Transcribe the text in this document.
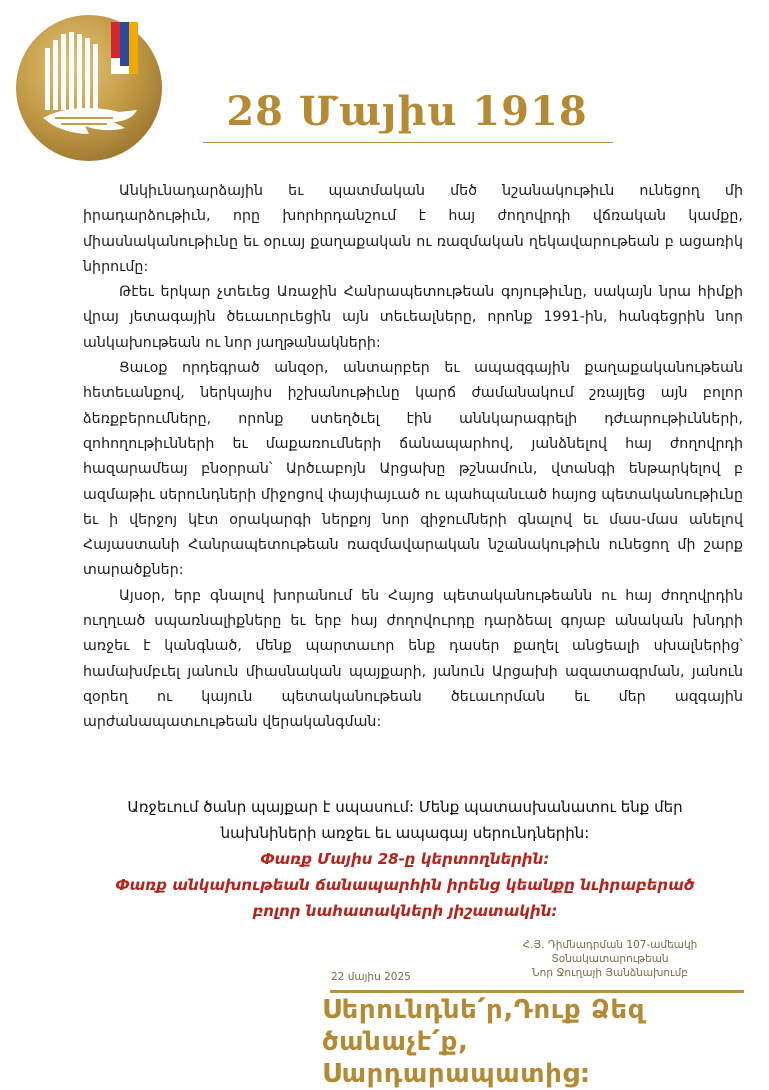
28 Մայիս 1918

Անկիւնադարձային եւ պատմական մեծ նշանակութիւն ունեցող մի իրադարձութիւն, որը խորհրդանշում է հայ ժողովրդի վճռական կամքը, միասնականութիւնը եւ օրւայ քաղաքական ու ռազմական ղեկավարութեան բ ացառիկ նիրումը:

Թէեւ երկար չտեւեց Առաջին Հանրապետութեան գոյութիւնը, սակայն նրա հիմքի վրայ յետագային ծեւաւորւեցին այն տեւեալները, որոնք 1991-ին, հանգեցրին նոր անկախութեան ու նոր յաղթանակների:

Ցաւօք որդեգրած անզօր, անտարբեր եւ ապազգային քաղաքականութեան հետեւանքով, ներկայիս իշխանութիւնը կարճ ժամանակում շռայլեց այն բոլոր ձեռքբերումները, որոնք ստեղծւել էին աննկարագրելի դժւարութիւնների, զոհողութիւնների եւ մաքառումների ճանապարհով, յանձնելով հայ ժողովրդի հազարամեայ բնօրրան՝ Արծւաբոյն Արցախը թշնամուն, վտանգի ենթարկելով բ ազմաթիւ սերունդների միջոցով փայփայւած ու պահպանւած հայոց պետականութիւնը եւ ի վերջոյ կէտ օրակարգի ներքոյ նոր զիջումների գնալով եւ մաս-մաս անելով Հայաստանի Հանրապետութեան ռազմավարական նշանակութիւն ունեցող մի շարք տարածքներ:

Այսօր, երբ գնալով խորանում են Հայոց պետականութեանն ու հայ ժողովրդին ուղղւած սպառնալիքները եւ երբ հայ ժողովուրդը դարձեալ գոյաբ անական խնդրի առջեւ է կանգնած, մենք պարտաւոր ենք դասեր քաղել անցեալի սխալներից՝ համախմբւել յանուն միասնական պայքարի, յանուն Արցախի ազատագրման, յանուն զօրեղ ու կայուն պետականութեան ծեւաւորման եւ մեր ազգային արժանապատւութեան վերականգման:

Առջեւում ծանր պայքար է սպասում: Մենք պատասխանատու ենք մեր
նախնիների առջեւ եւ ապագայ սերունդներին:
Փառք Մայիս 28-ը կերտողներին:
Փառք անկախութեան ճանապարհին իրենց կեանքը նւիրաբերած
բոլոր նահատակների յիշատակին:
Հ.Յ. Դիմնադրման 107-ամեակի
Տօնակատարութեան
Նոր Ջուղայի Յանձնախումբ
22 մայիս 2025
Սերունդնե՛ր,Դուք Ձեզ ծանաչէ՛ք,
Սարդարապատից:
